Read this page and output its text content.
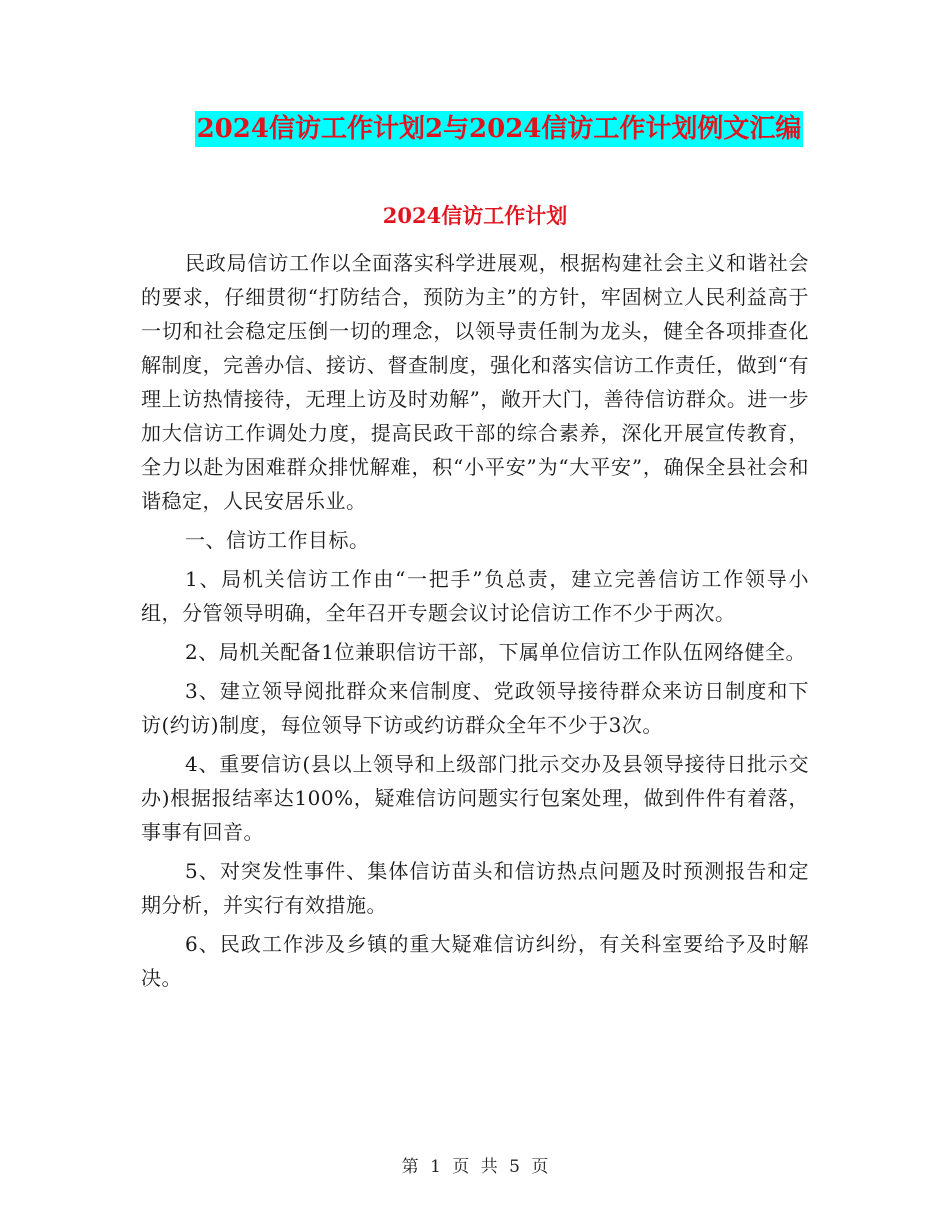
2024信访工作计划2与2024信访工作计划例文汇编
2024信访工作计划

民政局信访工作以全面落实科学进展观，根据构建社会主义和谐社会的要求，仔细贯彻“打防结合，预防为主”的方针，牢固树立人民利益高于一切和社会稳定压倒一切的理念，以领导责任制为龙头，健全各项排查化解制度，完善办信、接访、督查制度，强化和落实信访工作责任，做到“有理上访热情接待，无理上访及时劝解”，敞开大门，善待信访群众。进一步加大信访工作调处力度，提高民政干部的综合素养，深化开展宣传教育，全力以赴为困难群众排忧解难，积“小平安”为“大平安”，确保全县社会和谐稳定，人民安居乐业。

一、信访工作目标。

1、局机关信访工作由“一把手”负总责，建立完善信访工作领导小组，分管领导明确，全年召开专题会议讨论信访工作不少于两次。

2、局机关配备1位兼职信访干部，下属单位信访工作队伍网络健全。

3、建立领导阅批群众来信制度、党政领导接待群众来访日制度和下访(约访)制度，每位领导下访或约访群众全年不少于3次。

4、重要信访(县以上领导和上级部门批示交办及县领导接待日批示交办)根据报结率达100%，疑难信访问题实行包案处理，做到件件有着落，事事有回音。

5、对突发性事件、集体信访苗头和信访热点问题及时预测报告和定期分析，并实行有效措施。

6、民政工作涉及乡镇的重大疑难信访纠纷，有关科室要给予及时解决。

第 1 页 共 5 页
